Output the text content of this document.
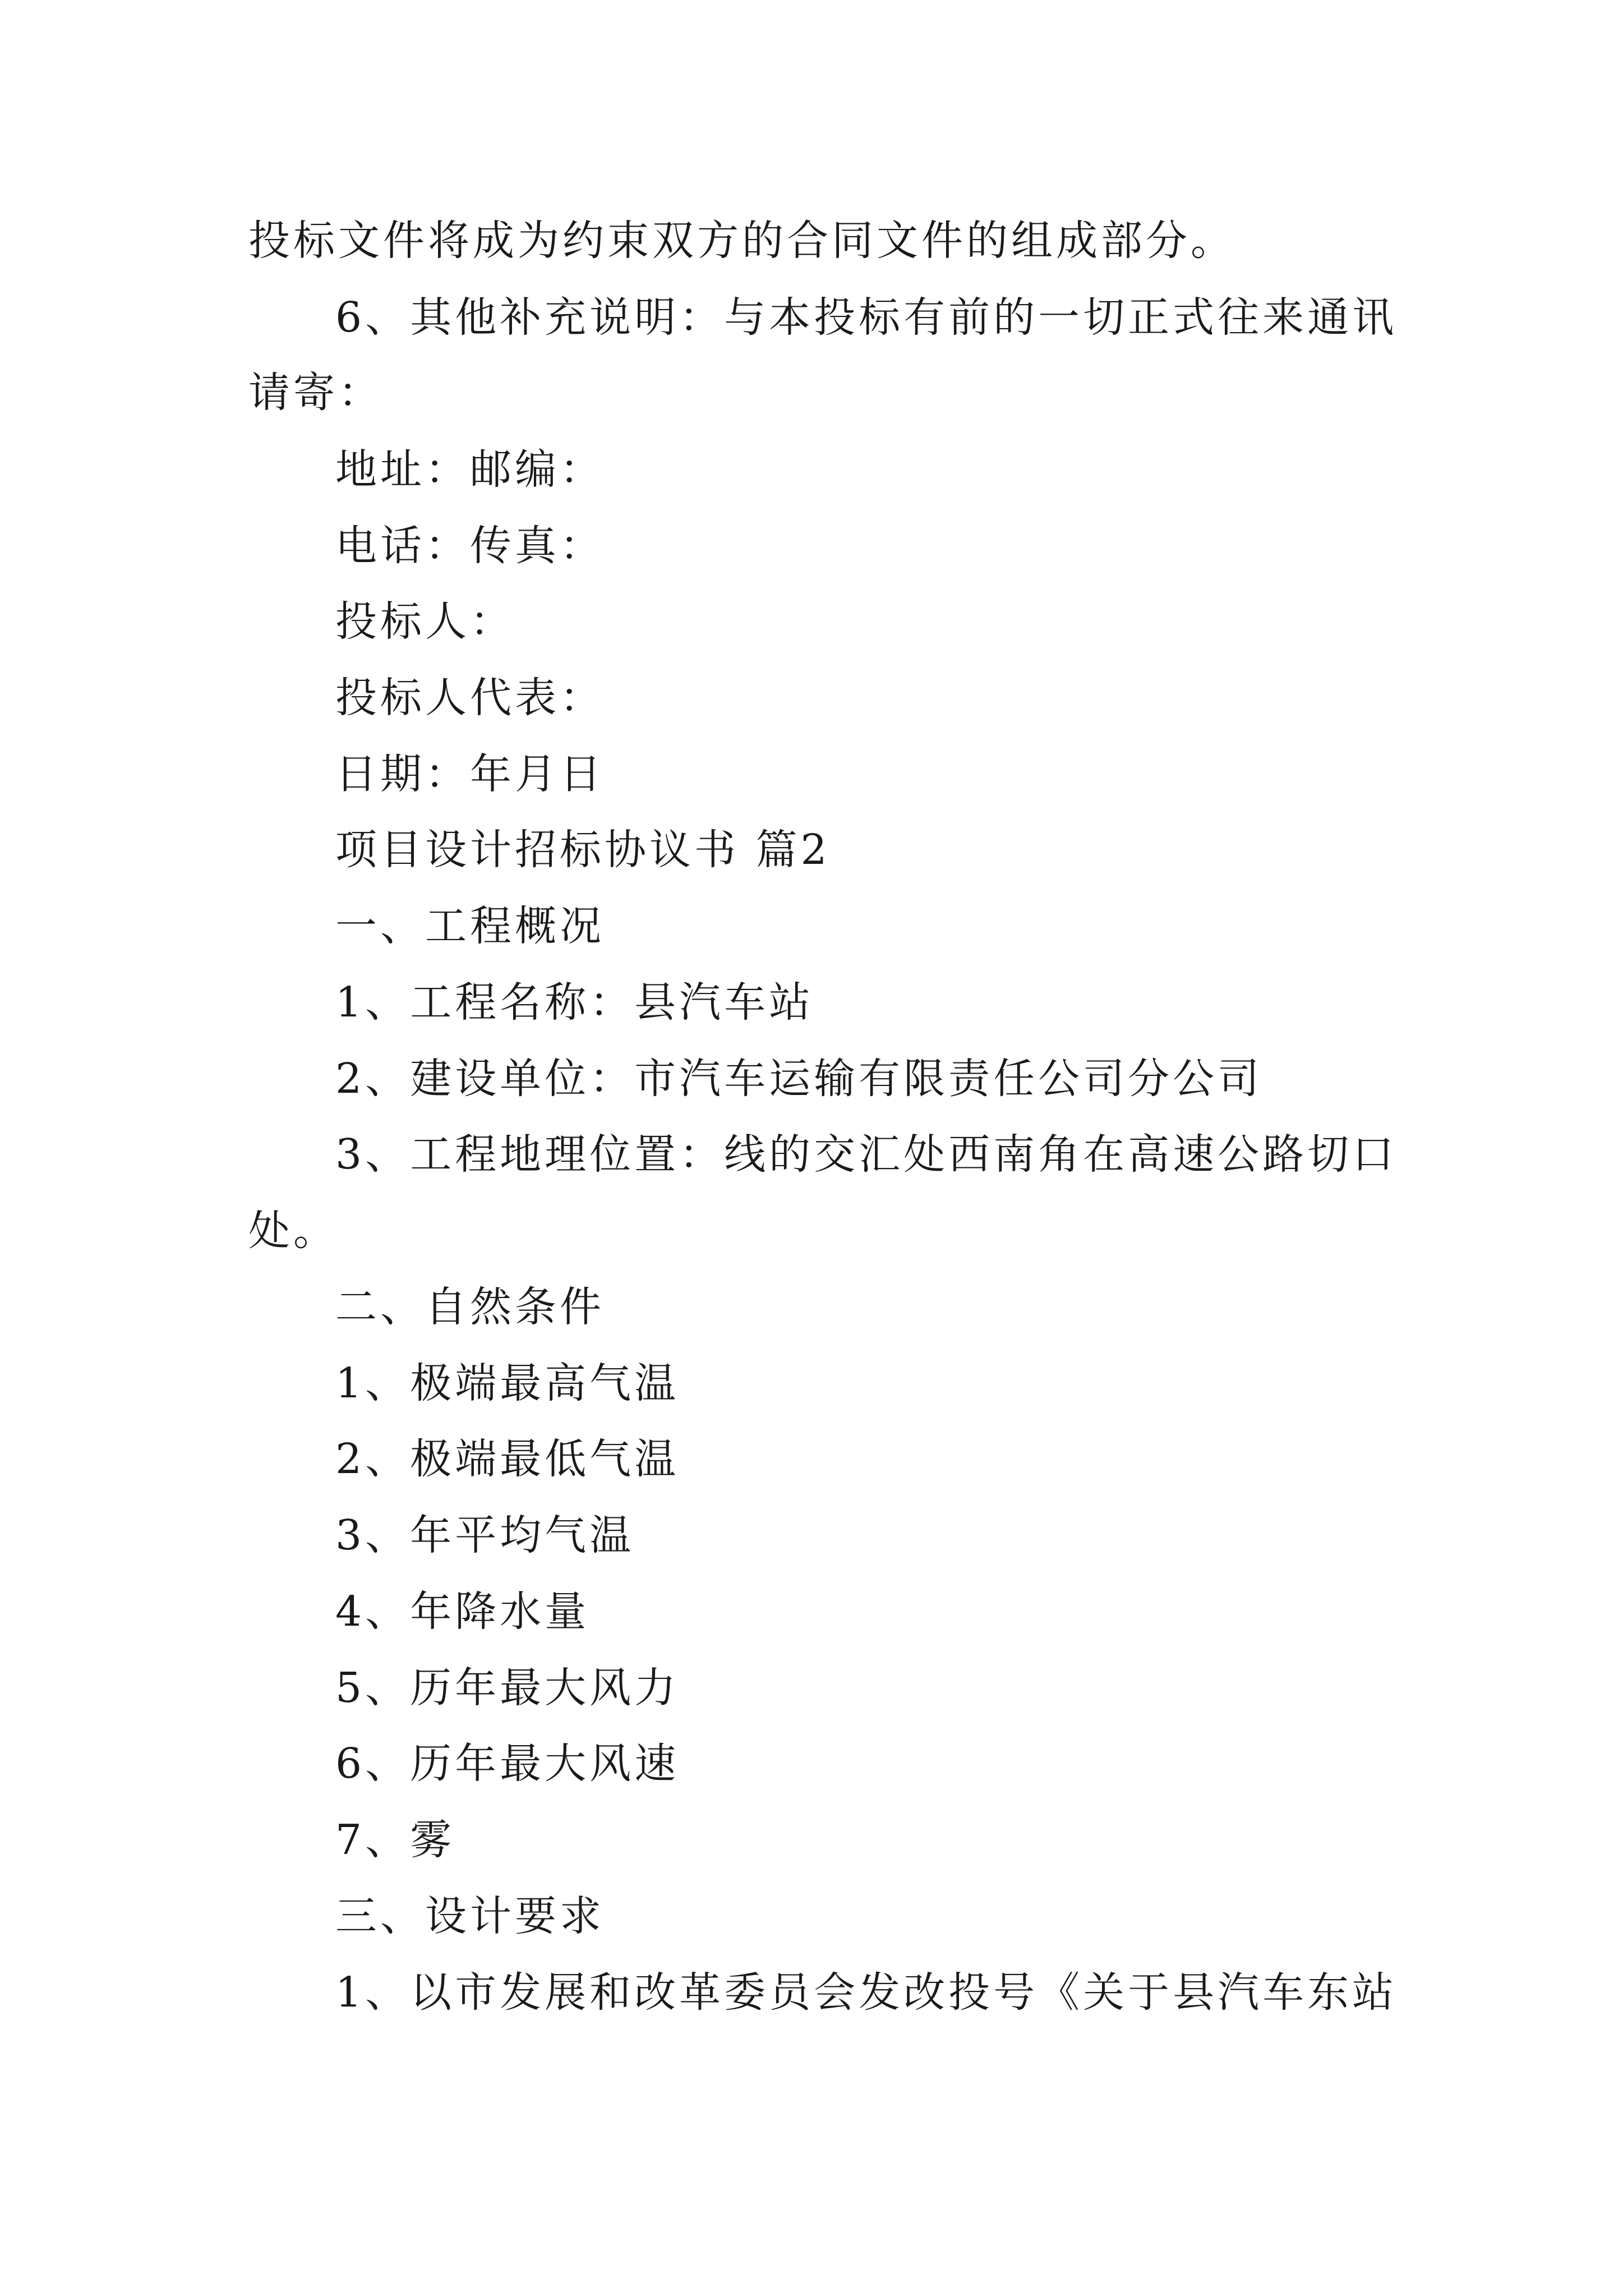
投标文件将成为约束双方的合同文件的组成部分。
6、其他补充说明：与本投标有前的一切正式往来通讯
请寄：
地址：邮编：
电话：传真：
投标人：
投标人代表：
日期：年月日
项目设计招标协议书 篇2
一、工程概况
1、工程名称：县汽车站
2、建设单位：市汽车运输有限责任公司分公司
3、工程地理位置：线的交汇处西南角在高速公路切口
处。
二、自然条件
1、极端最高气温
2、极端最低气温
3、年平均气温
4、年降水量
5、历年最大风力
6、历年最大风速
7、雾
三、设计要求
1、以市发展和改革委员会发改投号《关于县汽车东站
